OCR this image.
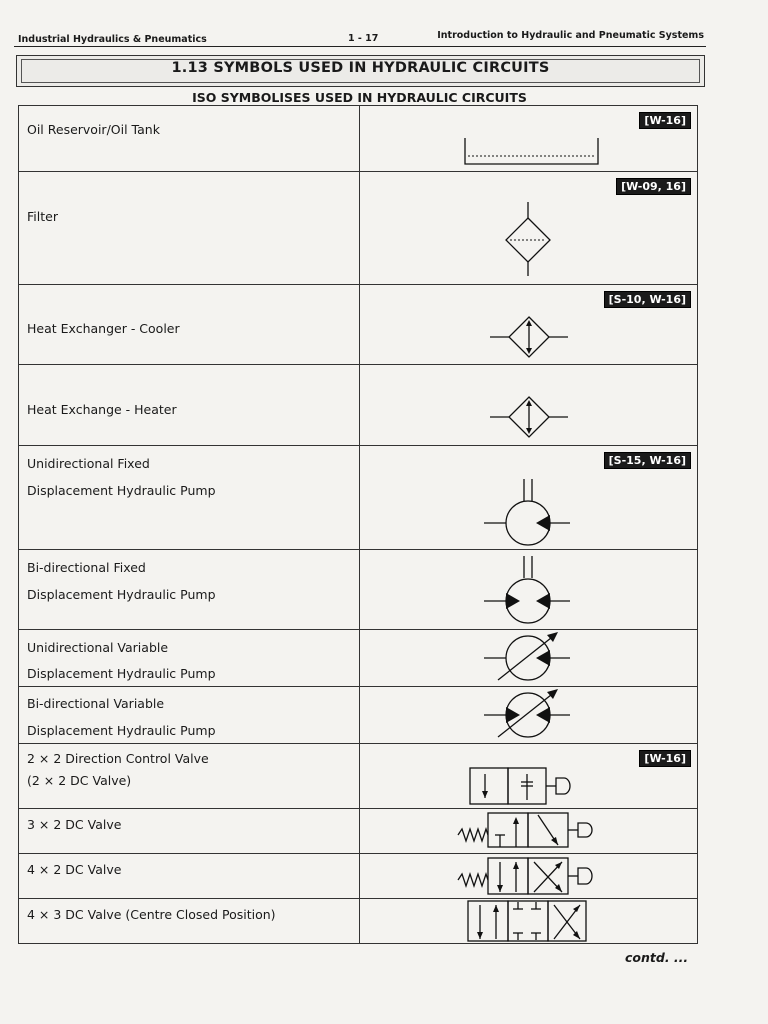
Industrial Hydraulics & Pneumatics	1 - 17	Introduction to Hydraulic and Pneumatic Systems
1.13 SYMBOLS USED IN HYDRAULIC CIRCUITS
ISO SYMBOLISES USED IN HYDRAULIC CIRCUITS
Oil Reservoir/Oil Tank	[W-16]

Filter	[W-09, 16]

Heat Exchanger - Cooler	[S-10, W-16]

Heat Exchange - Heater

Unidirectional Fixed
Displacement Hydraulic Pump	[S-15, W-16]

Bi-directional Fixed
Displacement Hydraulic Pump

Unidirectional Variable
Displacement Hydraulic Pump

Bi-directional Variable
Displacement Hydraulic Pump

2 × 2 Direction Control Valve
(2 × 2 DC Valve)	[W-16]

3 × 2 DC Valve

4 × 2 DC Valve

4 × 3 DC Valve (Centre Closed Position)

contd. ...
